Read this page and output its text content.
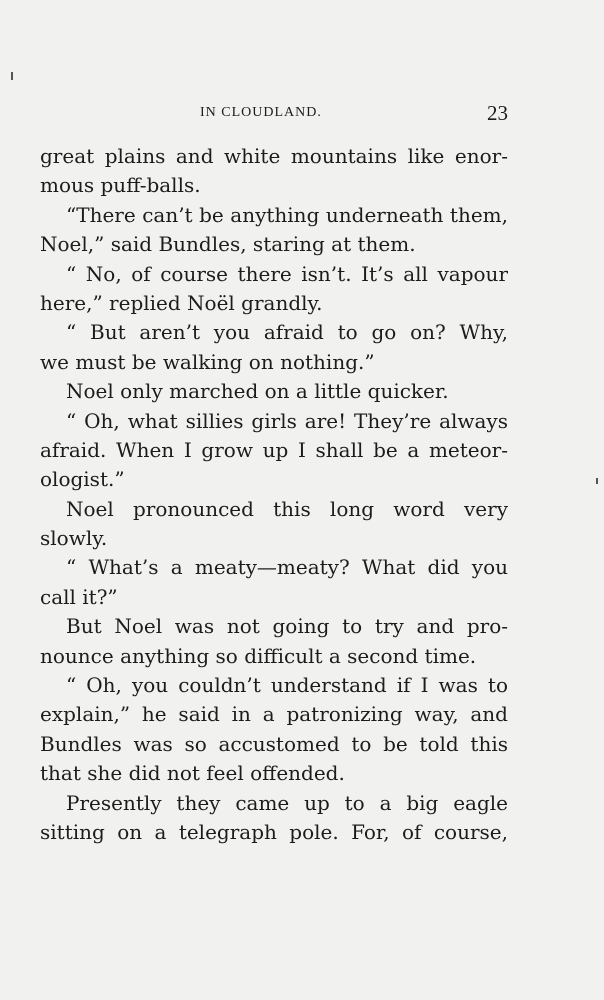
IN CLOUDLAND.	23
great plains and white mountains like enor-
mous puff-balls.
“There can’t be anything underneath them,
Noel,” said Bundles, staring at them.
“ No, of course there isn’t. It’s all vapour
here,” replied Noël grandly.
“ But aren’t you afraid to go on? Why,
we must be walking on nothing.”
Noel only marched on a little quicker.
“ Oh, what sillies girls are! They’re always
afraid. When I grow up I shall be a meteor-
ologist.”
Noel pronounced this long word very
slowly.
“ What’s a meaty—meaty? What did you
call it?”
But Noel was not going to try and pro-
nounce anything so difficult a second time.
“ Oh, you couldn’t understand if I was to
explain,” he said in a patronizing way, and
Bundles was so accustomed to be told this
that she did not feel offended.
Presently they came up to a big eagle
sitting on a telegraph pole. For, of course,
